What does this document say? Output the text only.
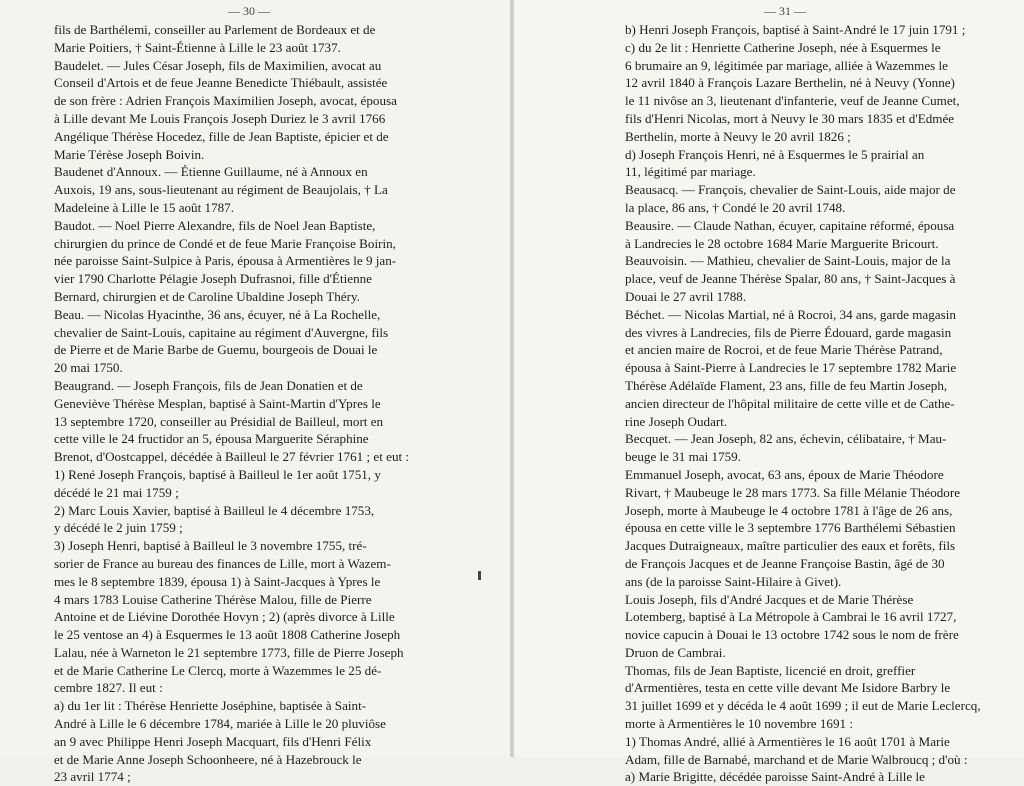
— 30 —
fils de Barthélemi, conseiller au Parlement de Bordeaux et de
Marie Poitiers, † Saint-Étienne à Lille le 23 août 1737.
Baudelet. — Jules César Joseph, fils de Maximilien, avocat au
Conseil d'Artois et de feue Jeanne Benedicte Thiébault, assistée
de son frère : Adrien François Maximilien Joseph, avocat, épousa
à Lille devant Me Louis François Joseph Duriez le 3 avril 1766
Angélique Thérèse Hocedez, fille de Jean Baptiste, épicier et de
Marie Térèse Joseph Boivin.
Baudenet d'Annoux. — Étienne Guillaume, né à Annoux en
Auxois, 19 ans, sous-lieutenant au régiment de Beaujolais, † La
Madeleine à Lille le 15 août 1787.
Baudot. — Noel Pierre Alexandre, fils de Noel Jean Baptiste,
chirurgien du prince de Condé et de feue Marie Françoise Boirin,
née paroisse Saint-Sulpice à Paris, épousa à Armentières le 9 jan-
vier 1790 Charlotte Pélagie Joseph Dufrasnoi, fille d'Étienne
Bernard, chirurgien et de Caroline Ubaldine Joseph Théry.
Beau. — Nicolas Hyacinthe, 36 ans, écuyer, né à La Rochelle,
chevalier de Saint-Louis, capitaine au régiment d'Auvergne, fils
de Pierre et de Marie Barbe de Guemu, bourgeois de Douai le
20 mai 1750.
Beaugrand. — Joseph François, fils de Jean Donatien et de
Geneviève Thérèse Mesplan, baptisé à Saint-Martin d'Ypres le
13 septembre 1720, conseiller au Présidial de Bailleul, mort en
cette ville le 24 fructidor an 5, épousa Marguerite Séraphine
Brenot, d'Oostcappel, décédée à Bailleul le 27 février 1761 ; et eut :
1) René Joseph François, baptisé à Bailleul le 1er août 1751, y
décédé le 21 mai 1759 ;
2) Marc Louis Xavier, baptisé à Bailleul le 4 décembre 1753,
y décédé le 2 juin 1759 ;
3) Joseph Henri, baptisé à Bailleul le 3 novembre 1755, tré-
sorier de France au bureau des finances de Lille, mort à Wazem-
mes le 8 septembre 1839, épousa 1) à Saint-Jacques à Ypres le
4 mars 1783 Louise Catherine Thérèse Malou, fille de Pierre
Antoine et de Liévine Dorothée Hovyn ; 2) (après divorce à Lille
le 25 ventose an 4) à Esquermes le 13 août 1808 Catherine Joseph
Lalau, née à Warneton le 21 septembre 1773, fille de Pierre Joseph
et de Marie Catherine Le Clercq, morte à Wazemmes le 25 dé-
cembre 1827. Il eut :
a) du 1er lit : Thérèse Henriette Joséphine, baptisée à Saint-
André à Lille le 6 décembre 1784, mariée à Lille le 20 pluviôse
an 9 avec Philippe Henri Joseph Macquart, fils d'Henri Félix
et de Marie Anne Joseph Schoonheere, né à Hazebrouck le
23 avril 1774 ;
— 31 —
b) Henri Joseph François, baptisé à Saint-André le 17 juin 1791 ;
c) du 2e lit : Henriette Catherine Joseph, née à Esquermes le
6 brumaire an 9, légitimée par mariage, alliée à Wazemmes le
12 avril 1840 à François Lazare Berthelin, né à Neuvy (Yonne)
le 11 nivôse an 3, lieutenant d'infanterie, veuf de Jeanne Cumet,
fils d'Henri Nicolas, mort à Neuvy le 30 mars 1835 et d'Edmée
Berthelin, morte à Neuvy le 20 avril 1826 ;
d) Joseph François Henri, né à Esquermes le 5 prairial an
11, légitimé par mariage.
Beausacq. — François, chevalier de Saint-Louis, aide major de
la place, 86 ans, † Condé le 20 avril 1748.
Beausire. — Claude Nathan, écuyer, capitaine réformé, épousa
à Landrecies le 28 octobre 1684 Marie Marguerite Bricourt.
Beauvoisin. — Mathieu, chevalier de Saint-Louis, major de la
place, veuf de Jeanne Thérèse Spalar, 80 ans, † Saint-Jacques à
Douai le 27 avril 1788.
Béchet. — Nicolas Martial, né à Rocroi, 34 ans, garde magasin
des vivres à Landrecies, fils de Pierre Édouard, garde magasin
et ancien maire de Rocroi, et de feue Marie Thérèse Patrand,
épousa à Saint-Pierre à Landrecies le 17 septembre 1782 Marie
Thérèse Adélaïde Flament, 23 ans, fille de feu Martin Joseph,
ancien directeur de l'hôpital militaire de cette ville et de Cathe-
rine Joseph Oudart.
Becquet. — Jean Joseph, 82 ans, échevin, célibataire, † Mau-
beuge le 31 mai 1759.
Emmanuel Joseph, avocat, 63 ans, époux de Marie Théodore
Rivart, † Maubeuge le 28 mars 1773. Sa fille Mélanie Théodore
Joseph, morte à Maubeuge le 4 octobre 1781 à l'âge de 26 ans,
épousa en cette ville le 3 septembre 1776 Barthélemi Sébastien
Jacques Dutraigneaux, maître particulier des eaux et forêts, fils
de François Jacques et de Jeanne Françoise Bastin, âgé de 30
ans (de la paroisse Saint-Hilaire à Givet).
Louis Joseph, fils d'André Jacques et de Marie Thérèse
Lotemberg, baptisé à La Métropole à Cambrai le 16 avril 1727,
novice capucin à Douai le 13 octobre 1742 sous le nom de frère
Druon de Cambrai.
Thomas, fils de Jean Baptiste, licencié en droit, greffier
d'Armentières, testa en cette ville devant Me Isidore Barbry le
31 juillet 1699 et y décéda le 4 août 1699 ; il eut de Marie Leclercq,
morte à Armentières le 10 novembre 1691 :
1) Thomas André, allié à Armentières le 16 août 1701 à Marie
Adam, fille de Barnabé, marchand et de Marie Walbroucq ; d'où :
a) Marie Brigitte, décédée paroisse Saint-André à Lille le
